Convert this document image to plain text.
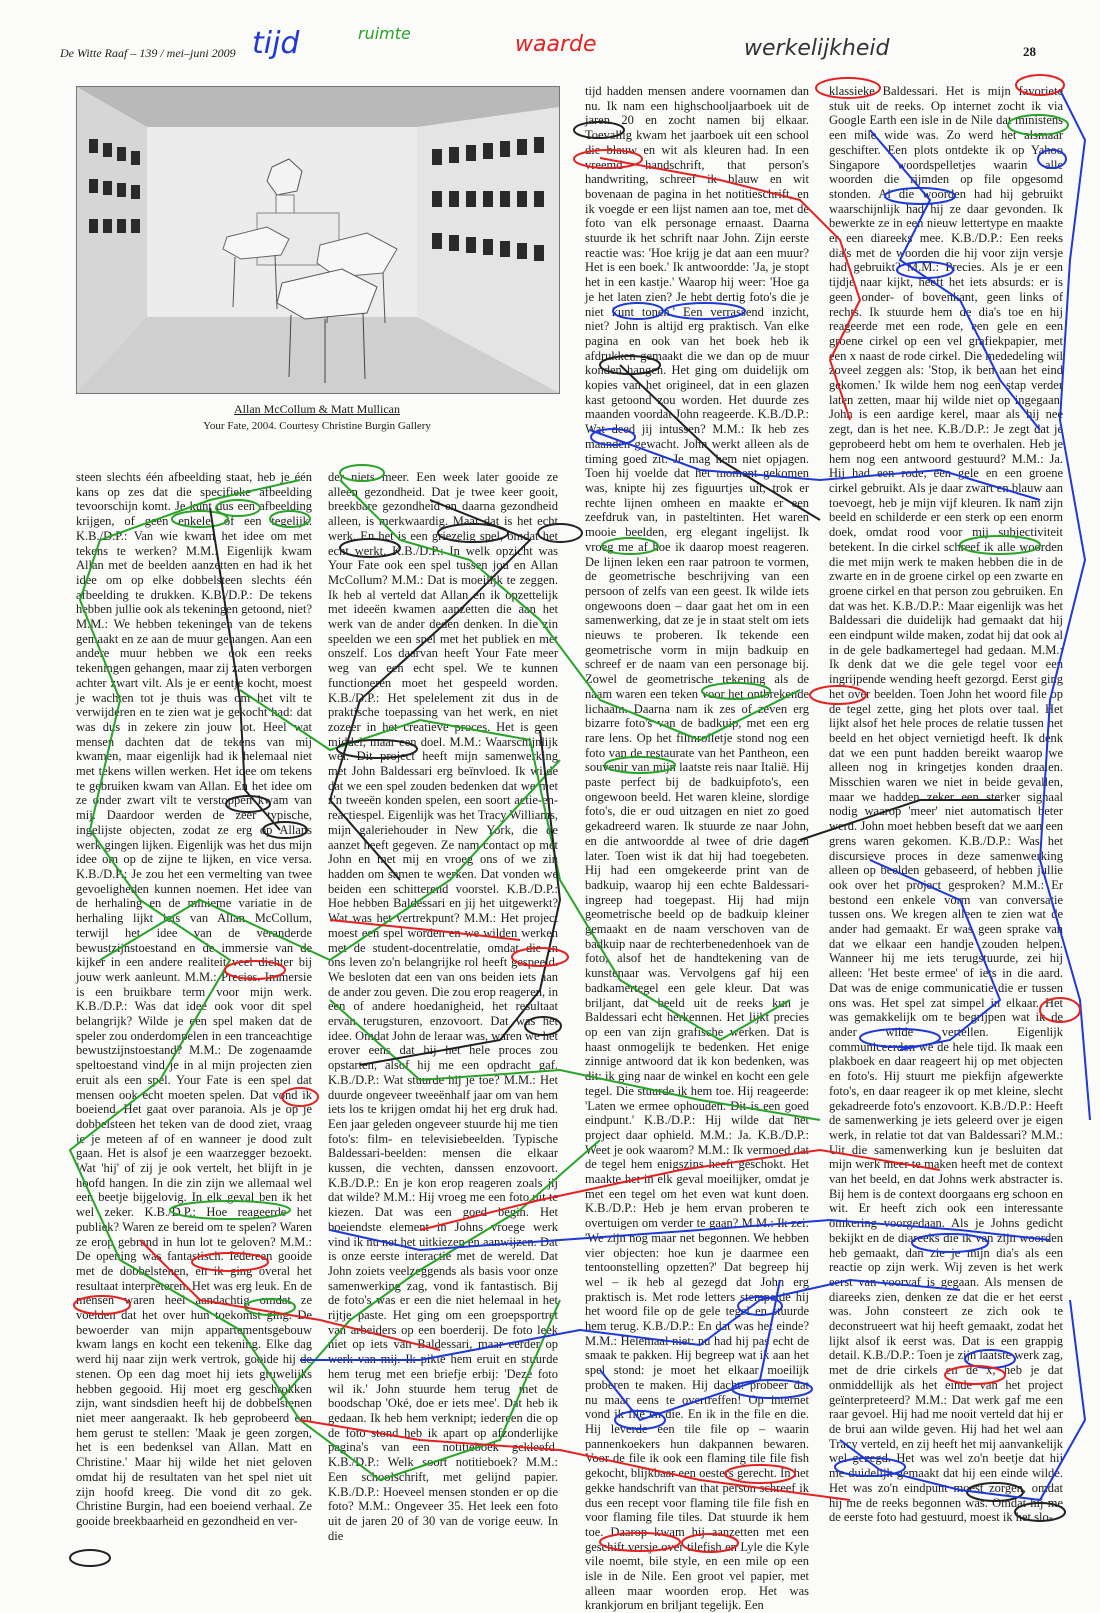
De Witte Raaf – 139 / mei–juni 2009	28
tijd	ruimte	waarde	werkelijkheid
Allan McCollum & Matt Mullican
Your Fate, 2004. Courtesy Christine Burgin Gallery

steen slechts één afbeelding staat, heb je één kans op zes dat die specifieke afbeelding tevoorschijn komt. Je kunt dus een afbeelding krijgen, of geen enkele, of een tegelijk. K.B./D.P.: Van wie kwam het idee om met tekens te werken? M.M.: Eigenlijk kwam Allan met de beelden aanzetten en had ik het idee om op elke dobbelsteen slechts één afbeelding te drukken. K.B./D.P.: De tekens hebben jullie ook als tekeningen getoond, niet? M.M.: We hebben tekeningen van de tekens gemaakt en ze aan de muur gehangen. Aan een andere muur hebben we ook een reeks tekeningen gehangen, maar zij zaten verborgen achter zwart vilt. Als je er eentje kocht, moest je wachten tot je thuis was om het vilt te verwijderen en te zien wat je gekocht had: dat was dus in zekere zin jouw lot. Heel wat mensen dachten dat de tekens van mij kwamen, maar eigenlijk had ik helemaal niet met tekens willen werken. Het idee om tekens te gebruiken kwam van Allan. En het idee om ze onder zwart vilt te verstoppen kwam van mij. Daardoor werden de zeer typische, ingelijste objecten, zodat ze erg op Allans werk gingen lijken. Eigenlijk was het dus mijn idee om op de zijne te lijken, en vice versa. K.B./D.P.: Je zou het een vermelting van twee gevoeligheden kunnen noemen. Het idee van de herhaling en de minieme variatie in de herhaling lijkt iets van Allan McCollum, terwijl het idee van de veranderde bewustzijnstoestand en de immersie van de kijker in een andere realiteit veel dichter bij jouw werk aanleunt. M.M.: Precies. Immersie is een bruikbare term voor mijn werk. K.B./D.P.: Was dat idee ook voor dit spel belangrijk? Wilde je een spel maken dat de speler zou onderdompelen in een tranceachtige bewustzijnstoestand? M.M.: De zogenaamde speltoestand vind je in al mijn projecten zien eruit als een spel. Your Fate is een spel dat mensen ook echt moeten spelen. Dat vond ik boeiend. Het gaat over paranoia. Als je op je dobbelsteen het teken van de dood ziet, vraag je je meteen af of en wanneer je dood zult gaan. Het is alsof je een waarzegger bezoekt. Wat 'hij' of zij je ook vertelt, het blijft in je hoofd hangen. In die zin zijn we allemaal wel een beetje bijgelovig. In elk geval ben ik het wel zeker. K.B./D.P.: Hoe reageerde het publiek? Waren ze bereid om te spelen? Waren ze erop gebrand in hun lot te geloven? M.M.: De opening was fantastisch. Iedereen gooide met de dobbelstenen, en ik ging overal het resultaat interpreteren. Het was erg leuk. En de mensen waren heel aandachtig omdat ze voelden dat het over hun toekomst ging. De bewoerder van mijn appartementsgebouw kwam langs en kocht een tekening. Elke dag werd hij naar zijn werk vertrok, gooide hij de stenen. Op een dag moet hij iets gruwelijks hebben gegooid. Hij moet erg geschrokken zijn, want sindsdien heeft hij de dobbelstenen niet meer aangeraakt. Ik heb geprobeerd een hem gerust te stellen: 'Maak je geen zorgen, het is een bedenksel van Allan. Matt en Christine.' Maar hij wilde het niet geloven omdat hij de resultaten van het spel niet uit zijn hoofd kreeg. Die vond dit zo gek. Christine Burgin, had een boeiend verhaal. Ze gooide breekbaarheid en gezondheid en ver-

der niets meer. Een week later gooide ze alleen gezondheid. Dat je twee keer gooit, breekbare gezondheid en daarna gezondheid alleen, is merkwaardig. Maar dat is het echt werk. En het is een griezelig spel, omdat het echt werkt. K.B./D.P.: In welk opzicht was Your Fate ook een spel tussen jou en Allan McCollum? M.M.: Dat is moeilijk te zeggen. Ik heb al verteld dat Allan en ik opzettelijk met ideeën kwamen aanzetten die aan het werk van de ander deden denken. In die zin speelden we een spel met het publiek en met onszelf. Los daarvan heeft Your Fate meer weg van een echt spel. We te kunnen functioneren moet het gespeeld worden. K.B./D.P.: Het spelelement zit dus in de praktische toepassing van het werk, en niet zozeer in het creatieve proces. Het is geen middel, maar een doel. M.M.: Waarschijnlijk wel. Dit project heeft mijn samenwerking met John Baldessari erg beïnvloed. Ik wilde dat we een spel zouden bedenken dat we met z'n tweeën konden spelen, een soort actie-en-reactiespel. Eigenlijk was het Tracy Williams, mijn galeriehouder in New York, die de aanzet heeft gegeven. Ze nam contact op met John en met mij en vroeg ons of we zin hadden om samen te werken. Dat vonden we beiden een schitterend voorstel. K.B./D.P.: Hoe hebben Baldessari en jij het uitgewerkt? Wat was het vertrekpunt? M.M.: Het project moest een spel worden en we wilden werken met de student-docentrelatie, omdat die in ons leven zo'n belangrijke rol heeft gespeeld. We besloten dat een van ons beiden iets aan de ander zou geven. Die zou erop reageren, in een of andere hoedanigheid, het resultaat ervan terugsturen, enzovoort. Dat was het idee. Omdat John de leraar was, waren we het erover eens dat hij het hele proces zou opstarten, alsof hij me een opdracht gaf. K.B./D.P.: Wat stuurde hij je toe? M.M.: Het duurde ongeveer tweeënhalf jaar om van hem iets los te krijgen omdat hij het erg druk had. Een jaar geleden ongeveer stuurde hij me tien foto's: film- en televisiebeelden. Typische Baldessari-beelden: mensen die elkaar kussen, die vechten, danssen enzovoort. K.B./D.P.: En je kon erop reageren zoals jij dat wilde? M.M.: Hij vroeg me een foto uit te kiezen. Dat was een goed begin. Het boeiendste element in Johns vroege werk vind ik nu net het uitkiezen en aanwijzen. Dat is onze eerste interactie met de wereld. Dat John zoiets veelzeggends als basis voor onze samenwerking zag, vond ik fantastisch. Bij de foto's was er een die niet helemaal in het rijtje paste. Het ging om een groepsportret van arbeiders op een boerderij. De foto leek niet op iets van Baldessari, maar eerder op werk van mij. Ik pikte hem eruit en stuurde hem terug met een briefje erbij: 'Deze foto wil ik.' John stuurde hem terug met de boodschap 'Oké, doe er iets mee'. Dat heb ik gedaan. Ik heb hem verknipt; iedereen die op de foto stond heb ik apart op afzonderlijke pagina's van een notitieboek gekleefd. K.B./D.P.: Welk soort notitieboek? M.M.: Een schoolschrift, met gelijnd papier. K.B./D.P.: Hoeveel mensen stonden er op die foto? M.M.: Ongeveer 35. Het leek een foto uit de jaren 20 of 30 van de vorige eeuw. In die

tijd hadden mensen andere voornamen dan nu. Ik nam een highschooljaarboek uit de jaren 20 en zocht namen bij elkaar. Toevallig kwam het jaarboek uit een school die blauw en wit als kleuren had. In een vreemd handschrift, that person's handwriting, schreef ik blauw en wit bovenaan de pagina in het notitieschrift, en ik voegde er een lijst namen aan toe, met de foto van elk personage ernaast. Daarna stuurde ik het schrift naar John. Zijn eerste reactie was: 'Hoe krijg je dat aan een muur? Het is een boek.' Ik antwoordde: 'Ja, je stopt het in een kastje.' Waarop hij weer: 'Hoe ga je het laten zien? Je hebt dertig foto's die je niet kunt tonen.' Een verrassend inzicht, niet? John is altijd erg praktisch. Van elke pagina en ook van het boek heb ik afdrukken gemaakt die we dan op de muur konden hangen. Het ging om duidelijk om kopies van het origineel, dat in een glazen kast getoond zou worden. Het duurde zes maanden voordat John reageerde. K.B./D.P.: Wat deed jij intussen? M.M.: Ik heb zes maanden gewacht. John werkt alleen als de timing goed zit. Je mag hem niet opjagen. Toen hij voelde dat het moment gekomen was, knipte hij zes figuurtjes uit, trok er rechte lijnen omheen en maakte er een zeefdruk van, in pasteltinten. Het waren mooie beelden, erg elegant ingelijst. Ik vroeg me af hoe ik daarop moest reageren. De lijnen leken een raar patroon te vormen, de geometrische beschrijving van een persoon of zelfs van een geest. Ik wilde iets ongewoons doen – daar gaat het om in een samenwerking, dat ze je in staat stelt om iets nieuws te proberen. Ik tekende een geometrische vorm in mijn badkuip en schreef er de naam van een personage bij. Zowel de geometrische tekening als de naam waren een teken voor het ontbrekende lichaam. Daarna nam ik zes of zeven erg bizarre foto's van de badkuip, met een erg rare lens. Op het filmrolletje stond nog een foto van de restaurate van het Pantheon, een souvenir van mijn laatste reis naar Italië. Hij paste perfect bij de badkuipfoto's, een ongewoon beeld. Het waren kleine, slordige foto's, die er oud uitzagen en niet zo goed gekadreerd waren. Ik stuurde ze naar John, en die antwoordde al twee of drie dagen later. Toen wist ik dat hij had toegebeten. Hij had een omgekeerde print van de badkuip, waarop hij een echte Baldessari-ingreep had toegepast. Hij had mijn geometrische beeld op de badkuip kleiner gemaakt en de naam verschoven van de badkuip naar de rechterbenedenhoek van de foto, alsof het de handtekening van de kunstenaar was. Vervolgens gaf hij een badkamertegel een gele kleur. Dat was briljant, dat beeld uit de reeks kun je Baldessari echt herkennen. Het lijkt precies op een van zijn grafische werken. Dat is haast onmogelijk te bedenken. Het enige zinnige antwoord dat ik kon bedenken, was dit: ik ging naar de winkel en kocht een gele tegel. Die stuurde ik hem toe. Hij reageerde: 'Laten we ermee ophouden. Dit is een goed eindpunt.' K.B./D.P.: Hij wilde dat het project daar ophield. M.M.: Ja. K.B./D.P.: Weet je ook waarom? M.M.: Ik vermoed dat de tegel hem enigszins heeft geschokt. Het maakte het in elk geval moeilijker, omdat je met een tegel om het even wat kunt doen. K.B./D.P.: Heb je hem ervan proberen te overtuigen om verder te gaan? M.M.: Ik zei: 'We zijn nog maar net begonnen. We hebben vier objecten: hoe kun je daarmee een tentoonstelling opzetten?' Dat begreep hij wel – ik heb al gezegd dat John erg praktisch is. Met rode letters stempelde hij het woord file op de gele tegel en stuurde hem terug. K.B./D.P.: En dat was het einde? M.M.: Helemaal niet: nu had hij pas echt de smaak te pakken. Hij begreep wat ik aan het spel stond: je moet het elkaar moeilijk proberen te maken. Hij dacht: probeer dat nu maar eens te overtreffen! Op internet vond ik file en die. En ik in the file en die. Hij leverde een tile file op – waarin pannenkoekers hun dakpannen bewaren. Voor de file ik ook een flaming tile file fish gekocht, blijkbaar een oesters gerecht. In het gekke handschrift van that person schreef ik dus een recept voor flaming tile file fish en voor flaming file tiles. Dat stuurde ik hem toe. Daarop kwam hij aanzetten met een geschift versje over tilefish en Lyle die Kyle vile noemt, bile style, en een mile op een isle in de Nile. Een groot vel papier, met alleen maar woorden erop. Het was krankjorum en briljant tegelijk. Een

klassieke Baldessari. Het is mijn favoriete stuk uit de reeks. Op internet zocht ik via Google Earth een isle in de Nile dat ministens een mile wide was. Zo werd het alsmaar geschifter. Een plots ontdekte ik op Yahoo Singapore woordspelletjes waarin alle woorden die rijmden op file opgesomd stonden. Al die woorden had hij gebruikt waarschijnlijk had hij ze daar gevonden. Ik bewerkte ze in een nieuw lettertype en maakte er een diareeks mee. K.B./D.P.: Een reeks dia's met de woorden die hij voor zijn versje had gebruikt? M.M.: Precies. Als je er een tijdje naar kijkt, heeft het iets absurds: er is geen onder- of bovenkant, geen links of rechts. Ik stuurde hem de dia's toe en hij reageerde met een rode, een gele en een groene cirkel op een vel grafiekpapier, met een x naast de rode cirkel. Die mededeling wil zoveel zeggen als: 'Stop, ik ben aan het eind gekomen.' Ik wilde hem nog een stap verder laten zetten, maar hij wilde niet op ingegaan. John is een aardige kerel, maar als hij nee zegt, dan is het nee. K.B./D.P.: Je zegt dat je geprobeerd hebt om hem te overhalen. Heb je hem nog een antwoord gestuurd? M.M.: Ja. Hij had een rode, een gele en een groene cirkel gebruikt. Als je daar zwart en blauw aan toevoegt, heb je mijn vijf kleuren. Ik nam zijn beeld en schilderde er een sterk op een enorm doek, omdat rood voor mij subjectiviteit betekent. In die cirkel schreef ik alle woorden die met mijn werk te maken hebben die in de zwarte en in de groene cirkel op een zwarte en groene cirkel en that person zou gebruiken. En dat was het. K.B./D.P.: Maar eigenlijk was het Baldessari die duidelijk had gemaakt dat hij een eindpunt wilde maken, zodat hij dat ook al in de gele badkamertegel had gedaan. M.M.: Ik denk dat we die gele tegel voor een ingrijpende wending heeft gezorgd. Eerst ging het over beelden. Toen John het woord file op de tegel zette, ging het plots over taal. Het lijkt alsof het hele proces de relatie tussen het beeld en het object vernietigd heeft. Ik denk dat we een punt hadden bereikt waarop we alleen nog in kringetjes konden draaien. Misschien waren we niet in beide gevallen, maar we hadden zeker een sterker signaal nodig waarop 'meer' niet automatisch beter werd. John moet hebben beseft dat we aan een grens waren gekomen. K.B./D.P.: Was het discursieve proces in deze samenwerking alleen op beelden gebaseerd, of hebben jullie ook over het project gesproken? M.M.: Er bestond een enkele vorm van conversatie tussen ons. We kregen alleen te zien wat de ander had gemaakt. Er was geen sprake van dat we elkaar een handje zouden helpen. Wanneer hij me iets terugstuurde, zei hij alleen: 'Het beste ermee' of iets in die aard. Dat was de enige communicatie die er tussen ons was. Het spel zat simpel in elkaar. Het was gemakkelijk om te begrijpen wat ik de ander wilde vertellen. Eigenlijk communiceerden we de hele tijd. Ik maak een plakboek en daar reageert hij op met objecten en foto's. Hij stuurt me piekfijn afgewerkte foto's, en daar reageer ik op met kleine, slecht gekadreerde foto's enzovoort. K.B./D.P.: Heeft de samenwerking je iets geleerd over je eigen werk, in relatie tot dat van Baldessari? M.M.: Uit die samenwerking kun je besluiten dat mijn werk meer te maken heeft met de context van het beeld, en dat Johns werk abstracter is. Bij hem is de context doorgaans erg schoon en wit. Er heeft zich ook een interessante omkering voorgedaan. Als je Johns gedicht bekijkt en de diareeks die ik van zijn woorden heb gemaakt, dan zie je mijn dia's als een reactie op zijn werk. Wij zeven is het werk eerst van voorvaf is gegaan. Als mensen de diareeks zien, denken ze dat die er het eerst was. John consteert ze zich ook te deconstrueert wat hij heeft gemaakt, zodat het lijkt alsof ik eerst was. Dat is een grappig detail. K.B./D.P.: Toen je zijn laatste werk zag, met de drie cirkels en de x, heb je dat onmiddellijk als het einde van het project geïnterpreteerd? M.M.: Dat werk gaf me een raar gevoel. Hij had me nooit verteld dat hij er de brui aan wilde geven. Hij had het wel aan Tracy verteld, en zij heeft het mij aanvankelijk wel gezegd. Het was wel zo'n beetje dat hij me duidelijk gemaakt dat hij een einde wilde. Het was zo'n eindpunt moest zorgen, omdat hij me de reeks begonnen was. Omdat hij me de eerste foto had gestuurd, moest ik het slo-
